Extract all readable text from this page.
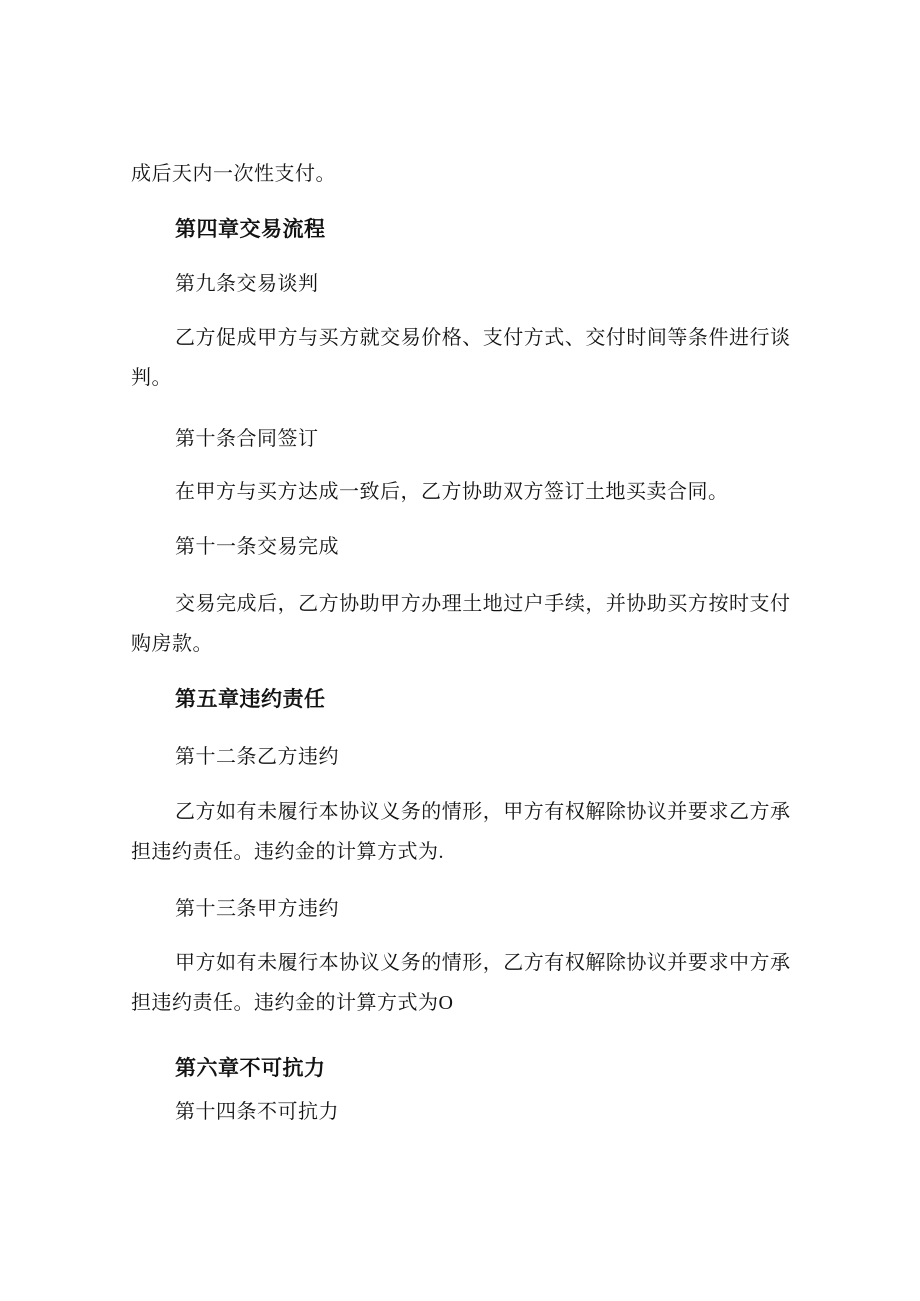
成后天内一次性支付。
第四章交易流程
第九条交易谈判
乙方促成甲方与买方就交易价格、支付方式、交付时间等条件进行谈
判。
第十条合同签订
在甲方与买方达成一致后，乙方协助双方签订土地买卖合同。
第十一条交易完成
交易完成后，乙方协助甲方办理土地过户手续，并协助买方按时支付
购房款。
第五章违约责任
第十二条乙方违约
乙方如有未履行本协议义务的情形，甲方有权解除协议并要求乙方承
担违约责任。违约金的计算方式为.
第十三条甲方违约
甲方如有未履行本协议义务的情形，乙方有权解除协议并要求中方承
担违约责任。违约金的计算方式为O
第六章不可抗力
第十四条不可抗力
